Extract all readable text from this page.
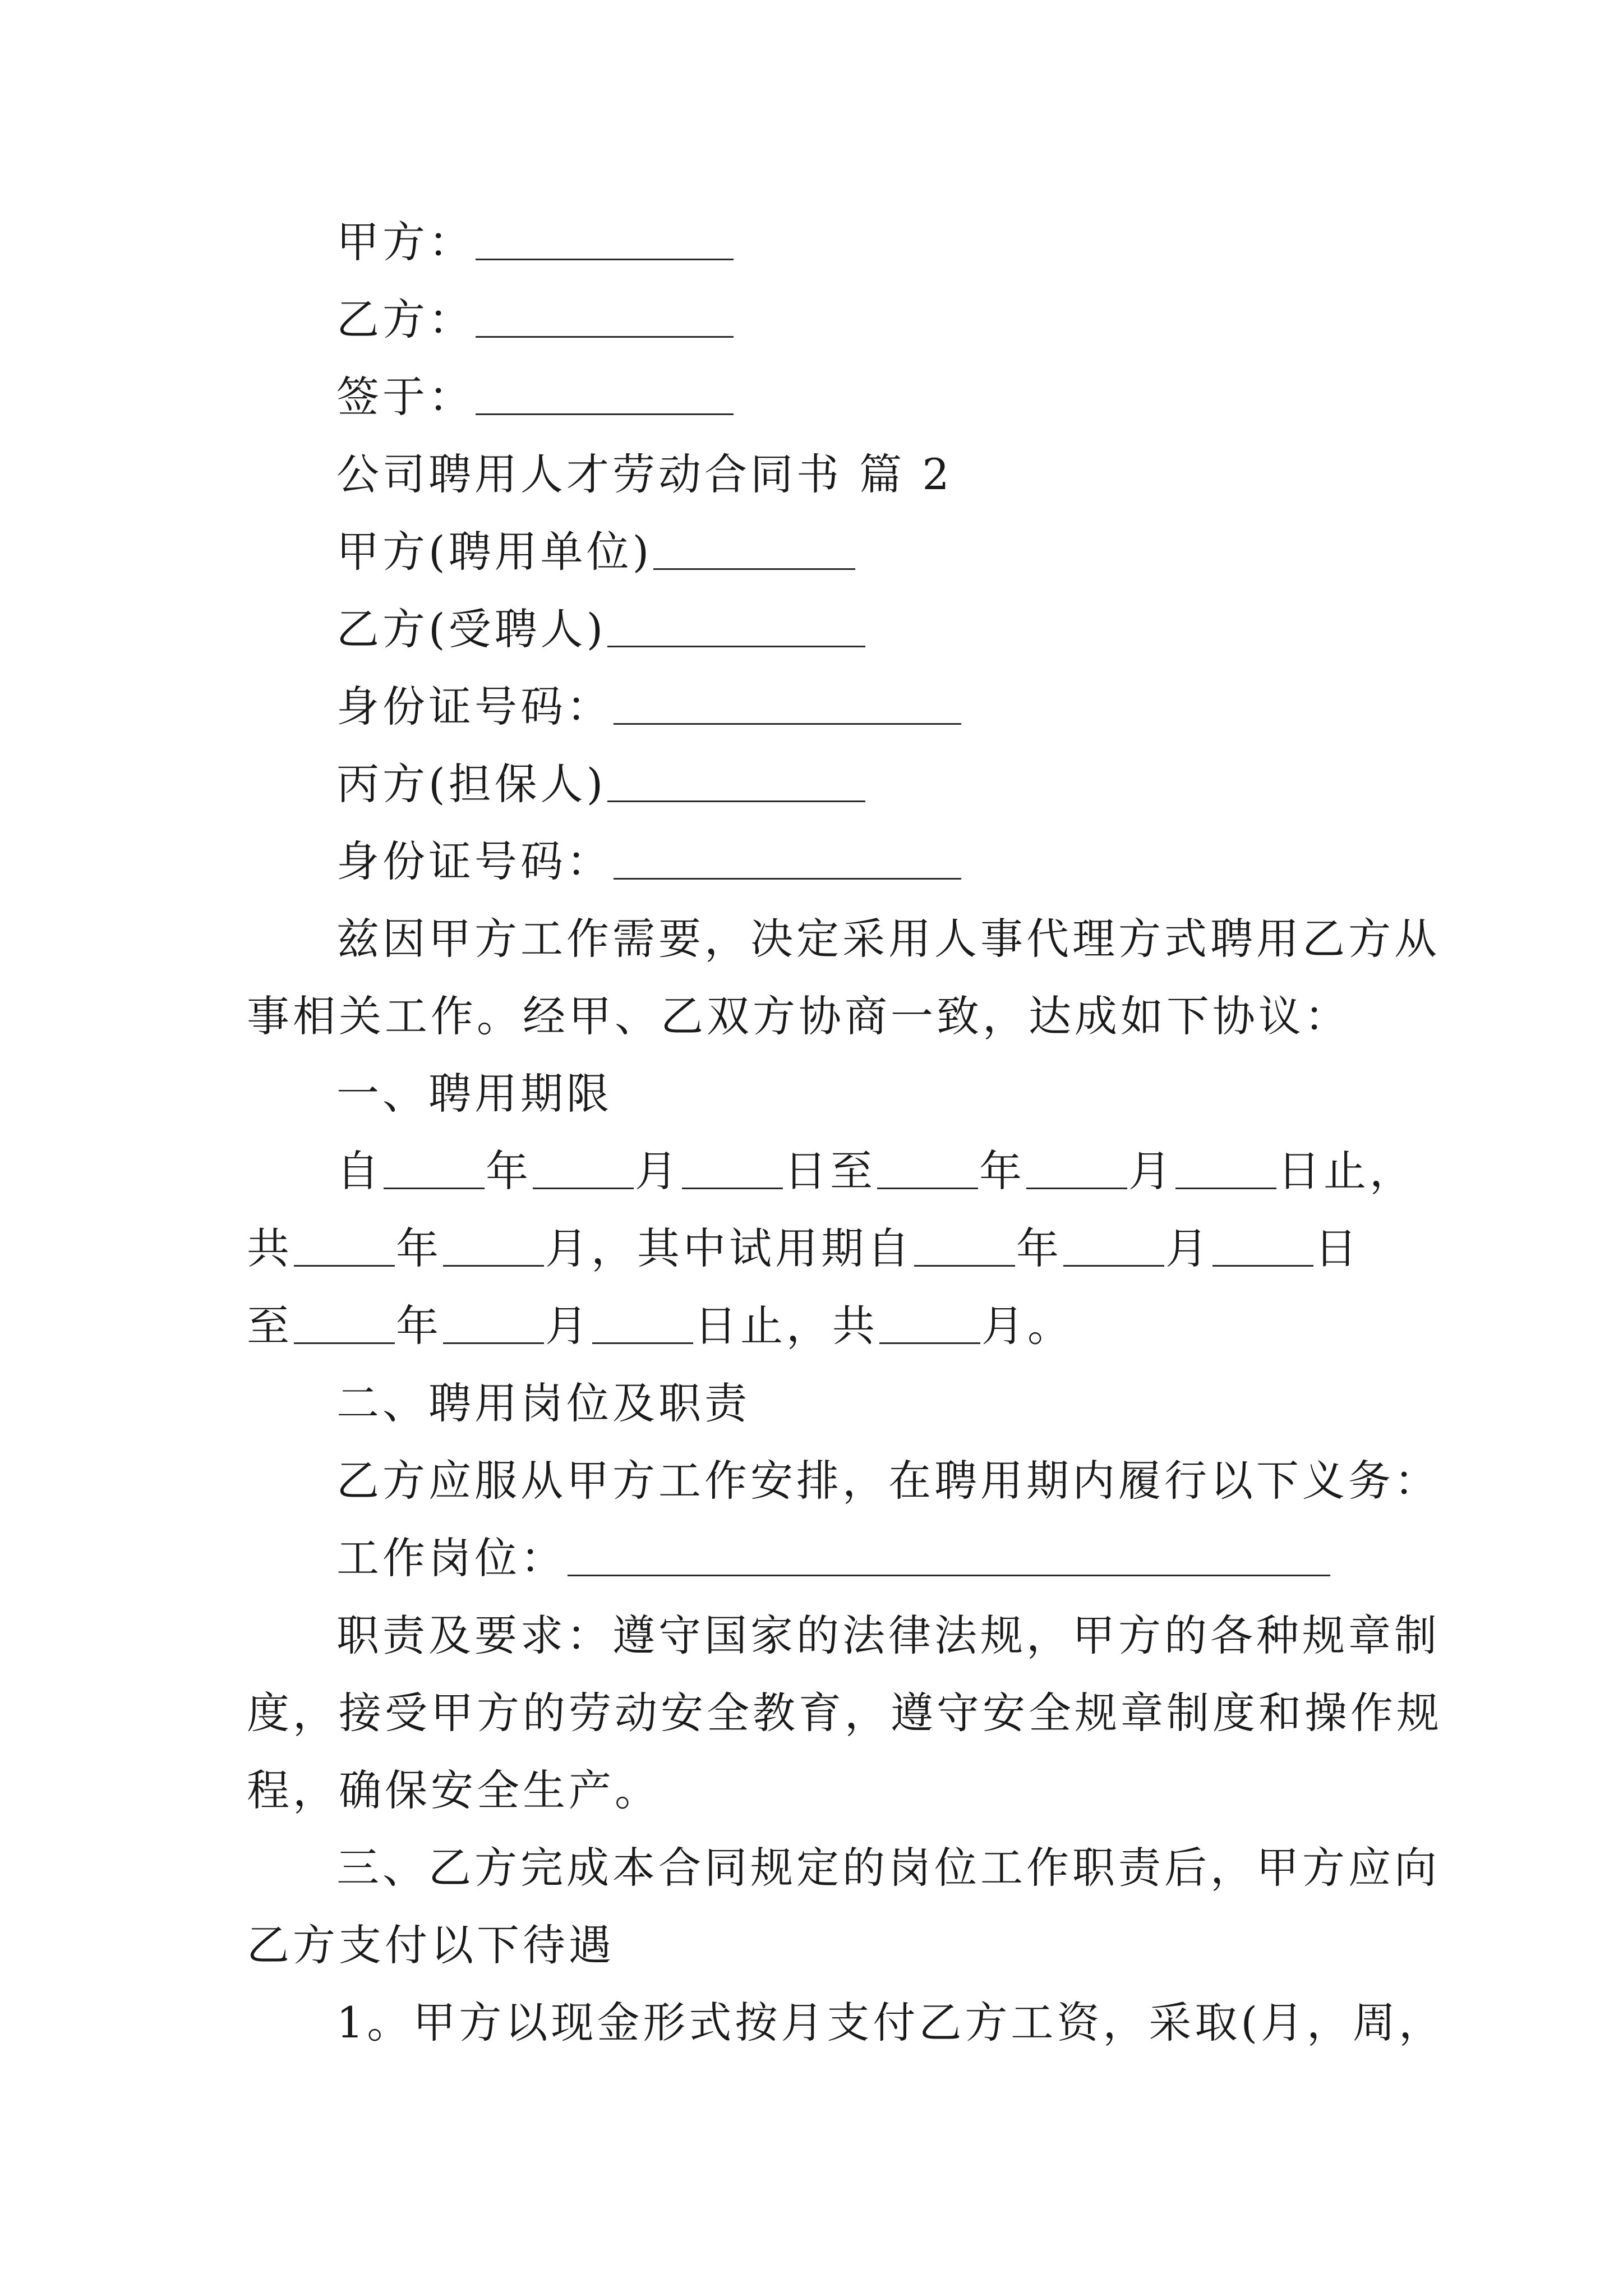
甲方：
乙方：
签于：
公司聘用人才劳动合同书 篇 2
甲方(聘用单位)
乙方(受聘人)
身份证号码：
丙方(担保人)
身份证号码：
兹因甲方工作需要，决定采用人事代理方式聘用乙方从
事相关工作。经甲、乙双方协商一致，达成如下协议：
一、聘用期限
自 年 月 日至 年 月 日止，
共 年 月，其中试用期自 年 月 日
至 年 月 日止，共 月。
二、聘用岗位及职责
乙方应服从甲方工作安排，在聘用期内履行以下义务：
工作岗位：
职责及要求：遵守国家的法律法规，甲方的各种规章制
度，接受甲方的劳动安全教育，遵守安全规章制度和操作规
程，确保安全生产。
三、乙方完成本合同规定的岗位工作职责后，甲方应向
乙方支付以下待遇
1。甲方以现金形式按月支付乙方工资，采取(月，周，
